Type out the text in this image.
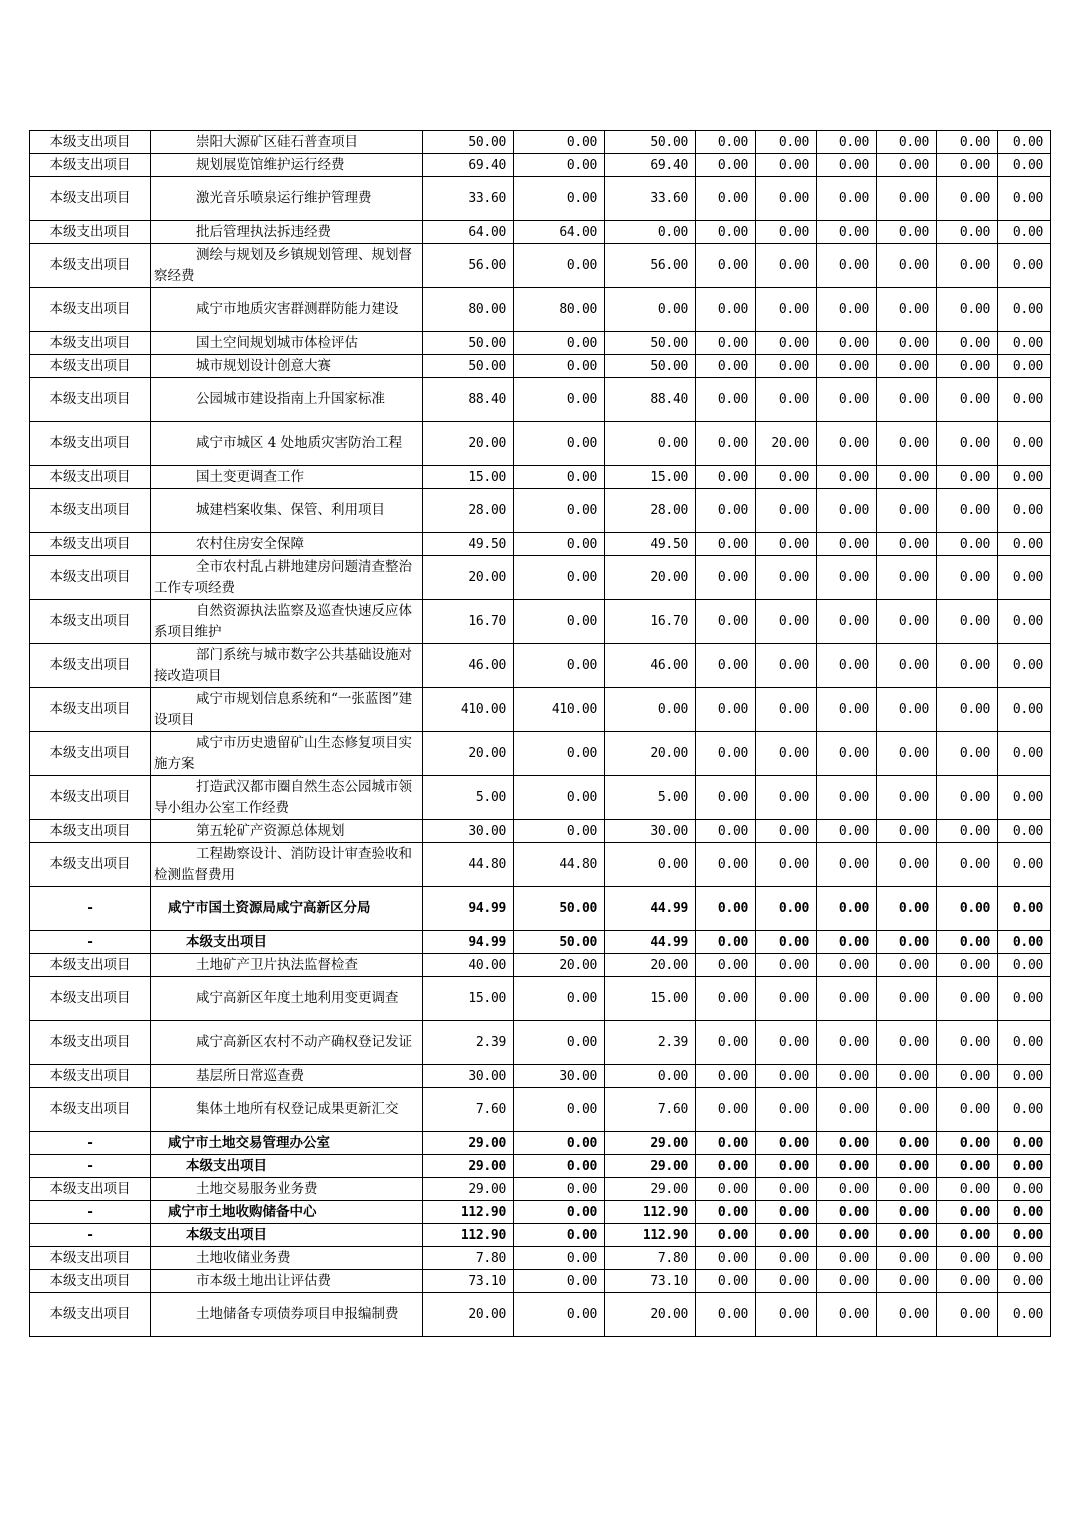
本级支出项目	崇阳大源矿区硅石普查项目	50.00	0.00	50.00	0.00	0.00	0.00	0.00	0.00	0.00
本级支出项目	规划展览馆维护运行经费	69.40	0.00	69.40	0.00	0.00	0.00	0.00	0.00	0.00
本级支出项目	激光音乐喷泉运行维护管理费	33.60	0.00	33.60	0.00	0.00	0.00	0.00	0.00	0.00
本级支出项目	批后管理执法拆违经费	64.00	64.00	0.00	0.00	0.00	0.00	0.00	0.00	0.00
本级支出项目	测绘与规划及乡镇规划管理、规划督察经费	56.00	0.00	56.00	0.00	0.00	0.00	0.00	0.00	0.00
本级支出项目	咸宁市地质灾害群测群防能力建设	80.00	80.00	0.00	0.00	0.00	0.00	0.00	0.00	0.00
本级支出项目	国土空间规划城市体检评估	50.00	0.00	50.00	0.00	0.00	0.00	0.00	0.00	0.00
本级支出项目	城市规划设计创意大赛	50.00	0.00	50.00	0.00	0.00	0.00	0.00	0.00	0.00
本级支出项目	公园城市建设指南上升国家标准	88.40	0.00	88.40	0.00	0.00	0.00	0.00	0.00	0.00
本级支出项目	咸宁市城区 4 处地质灾害防治工程	20.00	0.00	0.00	0.00	20.00	0.00	0.00	0.00	0.00
本级支出项目	国土变更调查工作	15.00	0.00	15.00	0.00	0.00	0.00	0.00	0.00	0.00
本级支出项目	城建档案收集、保管、利用项目	28.00	0.00	28.00	0.00	0.00	0.00	0.00	0.00	0.00
本级支出项目	农村住房安全保障	49.50	0.00	49.50	0.00	0.00	0.00	0.00	0.00	0.00
本级支出项目	全市农村乱占耕地建房问题清查整治工作专项经费	20.00	0.00	20.00	0.00	0.00	0.00	0.00	0.00	0.00
本级支出项目	自然资源执法监察及巡查快速反应体系项目维护	16.70	0.00	16.70	0.00	0.00	0.00	0.00	0.00	0.00
本级支出项目	部门系统与城市数字公共基础设施对接改造项目	46.00	0.00	46.00	0.00	0.00	0.00	0.00	0.00	0.00
本级支出项目	咸宁市规划信息系统和“一张蓝图”建设项目	410.00	410.00	0.00	0.00	0.00	0.00	0.00	0.00	0.00
本级支出项目	咸宁市历史遗留矿山生态修复项目实施方案	20.00	0.00	20.00	0.00	0.00	0.00	0.00	0.00	0.00
本级支出项目	打造武汉都市圈自然生态公园城市领导小组办公室工作经费	5.00	0.00	5.00	0.00	0.00	0.00	0.00	0.00	0.00
本级支出项目	第五轮矿产资源总体规划	30.00	0.00	30.00	0.00	0.00	0.00	0.00	0.00	0.00
本级支出项目	工程勘察设计、消防设计审查验收和检测监督费用	44.80	44.80	0.00	0.00	0.00	0.00	0.00	0.00	0.00
-	咸宁市国土资源局咸宁高新区分局	94.99	50.00	44.99	0.00	0.00	0.00	0.00	0.00	0.00
-	本级支出项目	94.99	50.00	44.99	0.00	0.00	0.00	0.00	0.00	0.00
本级支出项目	土地矿产卫片执法监督检查	40.00	20.00	20.00	0.00	0.00	0.00	0.00	0.00	0.00
本级支出项目	咸宁高新区年度土地利用变更调查	15.00	0.00	15.00	0.00	0.00	0.00	0.00	0.00	0.00
本级支出项目	咸宁高新区农村不动产确权登记发证	2.39	0.00	2.39	0.00	0.00	0.00	0.00	0.00	0.00
本级支出项目	基层所日常巡查费	30.00	30.00	0.00	0.00	0.00	0.00	0.00	0.00	0.00
本级支出项目	集体土地所有权登记成果更新汇交	7.60	0.00	7.60	0.00	0.00	0.00	0.00	0.00	0.00
-	咸宁市土地交易管理办公室	29.00	0.00	29.00	0.00	0.00	0.00	0.00	0.00	0.00
-	本级支出项目	29.00	0.00	29.00	0.00	0.00	0.00	0.00	0.00	0.00
本级支出项目	土地交易服务业务费	29.00	0.00	29.00	0.00	0.00	0.00	0.00	0.00	0.00
-	咸宁市土地收购储备中心	112.90	0.00	112.90	0.00	0.00	0.00	0.00	0.00	0.00
-	本级支出项目	112.90	0.00	112.90	0.00	0.00	0.00	0.00	0.00	0.00
本级支出项目	土地收储业务费	7.80	0.00	7.80	0.00	0.00	0.00	0.00	0.00	0.00
本级支出项目	市本级土地出让评估费	73.10	0.00	73.10	0.00	0.00	0.00	0.00	0.00	0.00
本级支出项目	土地储备专项债券项目申报编制费	20.00	0.00	20.00	0.00	0.00	0.00	0.00	0.00	0.00
